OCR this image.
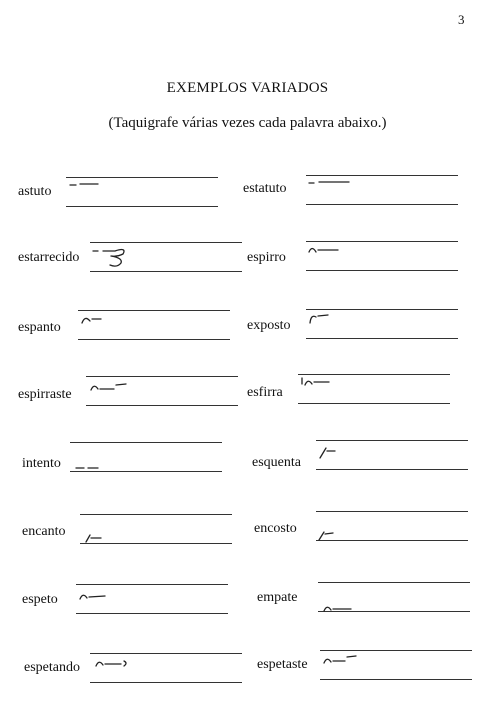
3
EXEMPLOS VARIADOS
(Taquigrafe várias vezes cada palavra abaixo.)
astuto	estatuto
estarrecido	espirro
espanto	exposto
espirraste	esfirra
intento	esquenta
encanto	encosto
espeto	empate
espetando	espetaste
